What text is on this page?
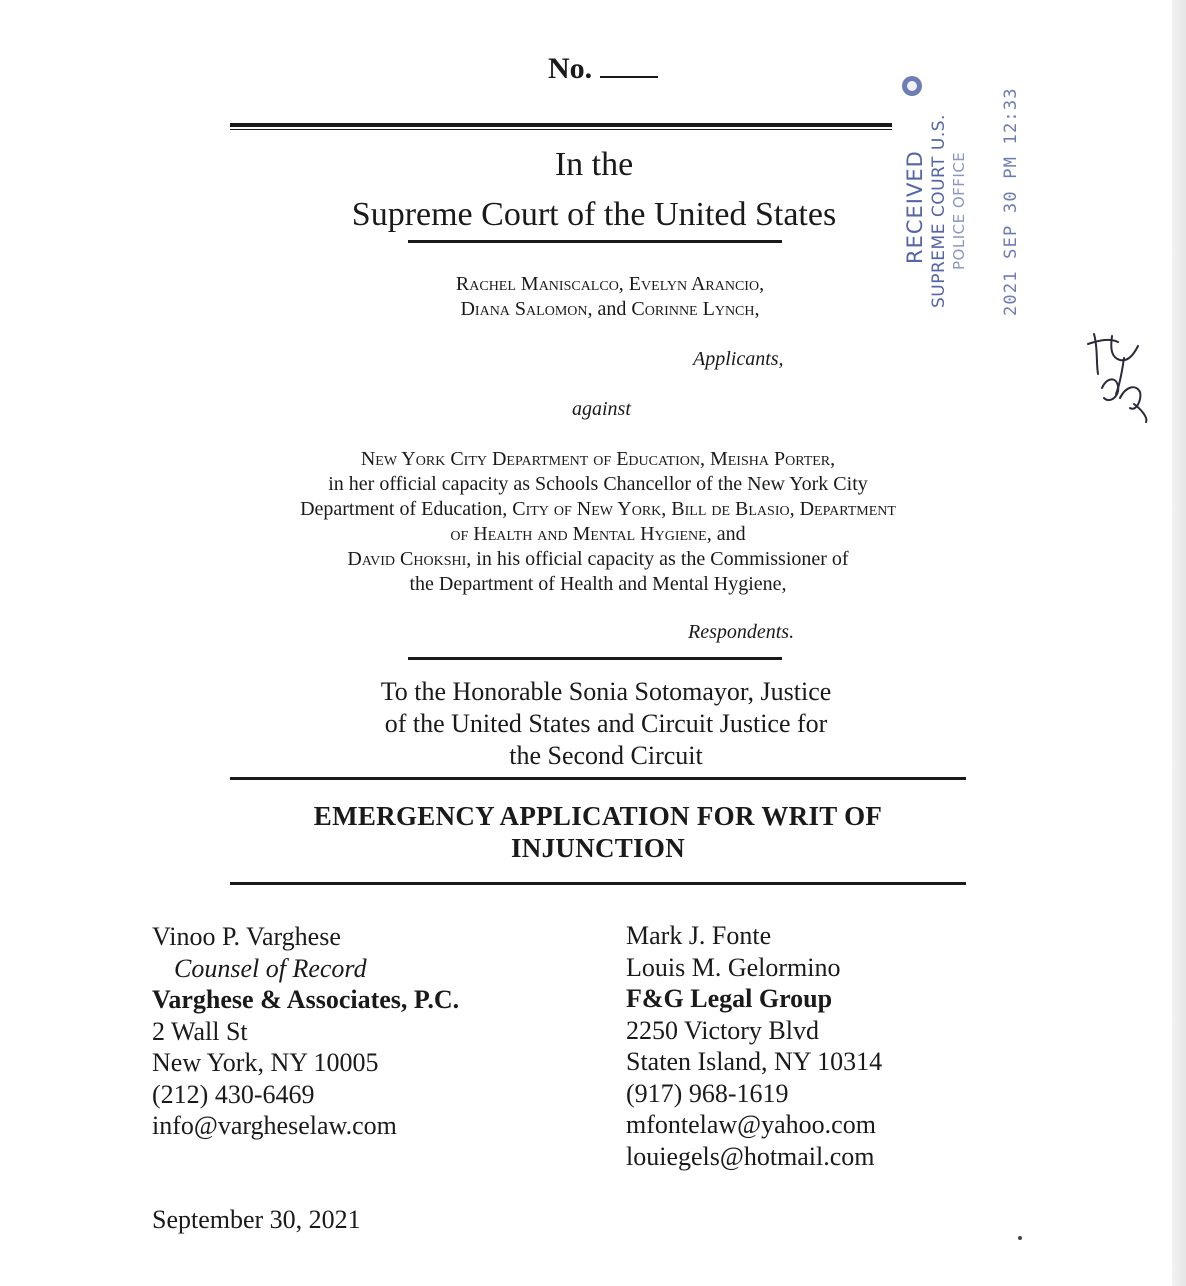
No.
In the
Supreme Court of the United States
Rachel Maniscalco, Evelyn Arancio,
Diana Salomon, and Corinne Lynch,
Applicants,
against
New York City Department of Education, Meisha Porter,
in her official capacity as Schools Chancellor of the New York City
Department of Education, City of New York, Bill de Blasio, Department
of Health and Mental Hygiene, and
David Chokshi, in his official capacity as the Commissioner of
the Department of Health and Mental Hygiene,
Respondents.
To the Honorable Sonia Sotomayor, Justice
of the United States and Circuit Justice for
the Second Circuit
EMERGENCY APPLICATION FOR WRIT OF
INJUNCTION
Vinoo P. Varghese
Counsel of Record
Varghese & Associates, P.C.
2 Wall St
New York, NY 10005
(212) 430-6469
info@vargheselaw.com
Mark J. Fonte
Louis M. Gelormino
F&G Legal Group
2250 Victory Blvd
Staten Island, NY 10314
(917) 968-1619
mfontelaw@yahoo.com
louiegels@hotmail.com
September 30, 2021
RECEIVED SUPREME COURT U.S. POLICE OFFICE 2021 SEP 30 PM 12:33
